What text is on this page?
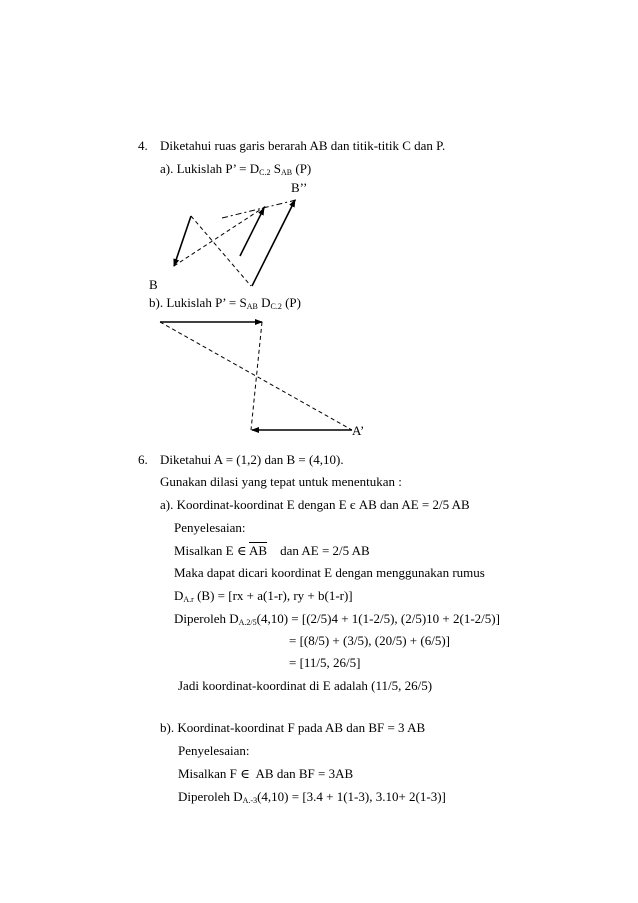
4. Diketahui ruas garis berarah AB dan titik-titik C dan P.
a). Lukislah P’ = $D_{C.2}$ $S_{AB}$ (P)
B’’
B
b). Lukislah P’ = $S_{AB}$ $D_{C.2}$ (P)
A’
6. Diketahui A = (1,2) dan B = (4,10).
Gunakan dilasi yang tepat untuk menentukan :
a). Koordinat-koordinat E dengan E є AB dan AE = 2/5 AB
Penyelesaian:
Misalkan E ∈ $\overline{AB}$ dan AE = 2/5 AB
Maka dapat dicari koordinat E dengan menggunakan rumus
$D_{A.r}$ (B) = [rx + a(1-r), ry + b(1-r)]
Diperoleh $D_{A.2/5}(4,10) = [(2/5)4 + 1(1-2/5)$, (2/5)10 + 2(1-2/5)]
= [(8/5) + (3/5), (20/5) + (6/5)]
= [11/5, 26/5]
Jadi koordinat-koordinat di E adalah (11/5, 26/5)
b). Koordinat-koordinat F pada AB dan BF = 3 AB
Penyelesaian:
Misalkan F ∈ AB dan BF = 3AB
Diperoleh $D_{A.-3}(4,10) = [3.4 + 1(1-3)$, 3.10+ 2(1-3)]
